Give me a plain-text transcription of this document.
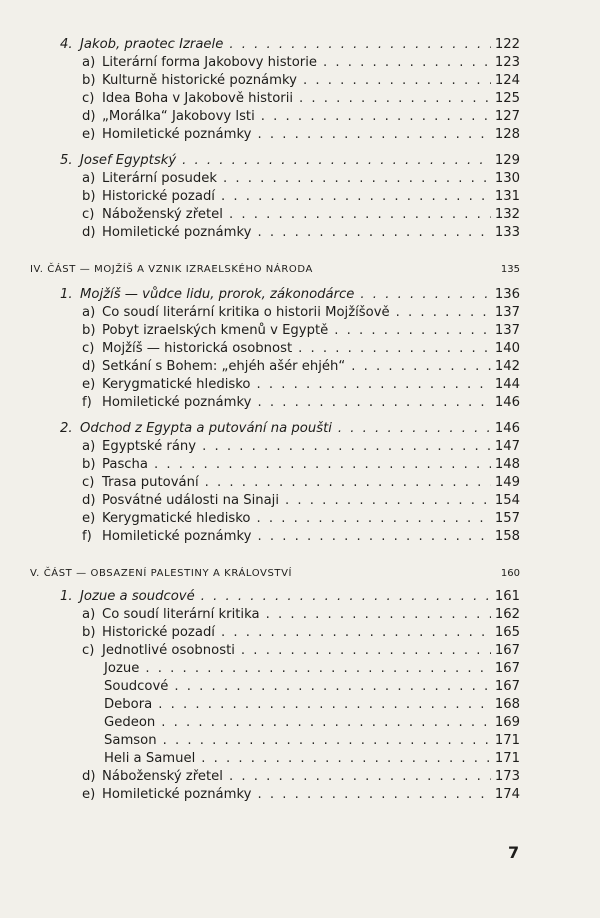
4. Jakob, praotec Izraele . . .	122
a) Literární forma Jakobovy historie . . .	123
b) Kulturně historické poznámky . . .	124
c) Idea Boha v Jakobově historii . . .	125
d) „Morálka“ Jakobovy lsti . . .	127
e) Homiletické poznámky . . .	128
5. Josef Egyptský . . .	129
a) Literární posudek . . .	130
b) Historické pozadí . . .	131
c) Náboženský zřetel . . .	132
d) Homiletické poznámky . . .	133
IV. ČÁST — MOJŽÍŠ A VZNIK IZRAELSKÉHO NÁRODA	135
1. Mojžíš — vůdce lidu, prorok, zákonodárce . . .	136
a) Co soudí literární kritika o historii Mojžíšově . . .	137
b) Pobyt izraelských kmenů v Egyptě . . .	137
c) Mojžíš — historická osobnost . . .	140
d) Setkání s Bohem: „ehjéh ašér ehjéh“ . . .	142
e) Kerygmatické hledisko . . .	144
f) Homiletické poznámky . . .	146
2. Odchod z Egypta a putování na poušti . . .	146
a) Egyptské rány . . .	147
b) Pascha . . .	148
c) Trasa putování . . .	149
d) Posvátné události na Sinaji . . .	154
e) Kerygmatické hledisko . . .	157
f) Homiletické poznámky . . .	158
V. ČÁST — OBSAZENÍ PALESTINY A KRÁLOVSTVÍ	160
1. Jozue a soudcové . . .	161
a) Co soudí literární kritika . . .	162
b) Historické pozadí . . .	165
c) Jednotlivé osobnosti . . .	167
Jozue . . .	167
Soudcové . . .	167
Debora . . .	168
Gedeon . . .	169
Samson . . .	171
Heli a Samuel . . .	171
d) Náboženský zřetel . . .	173
e) Homiletické poznámky . . .	174
7
